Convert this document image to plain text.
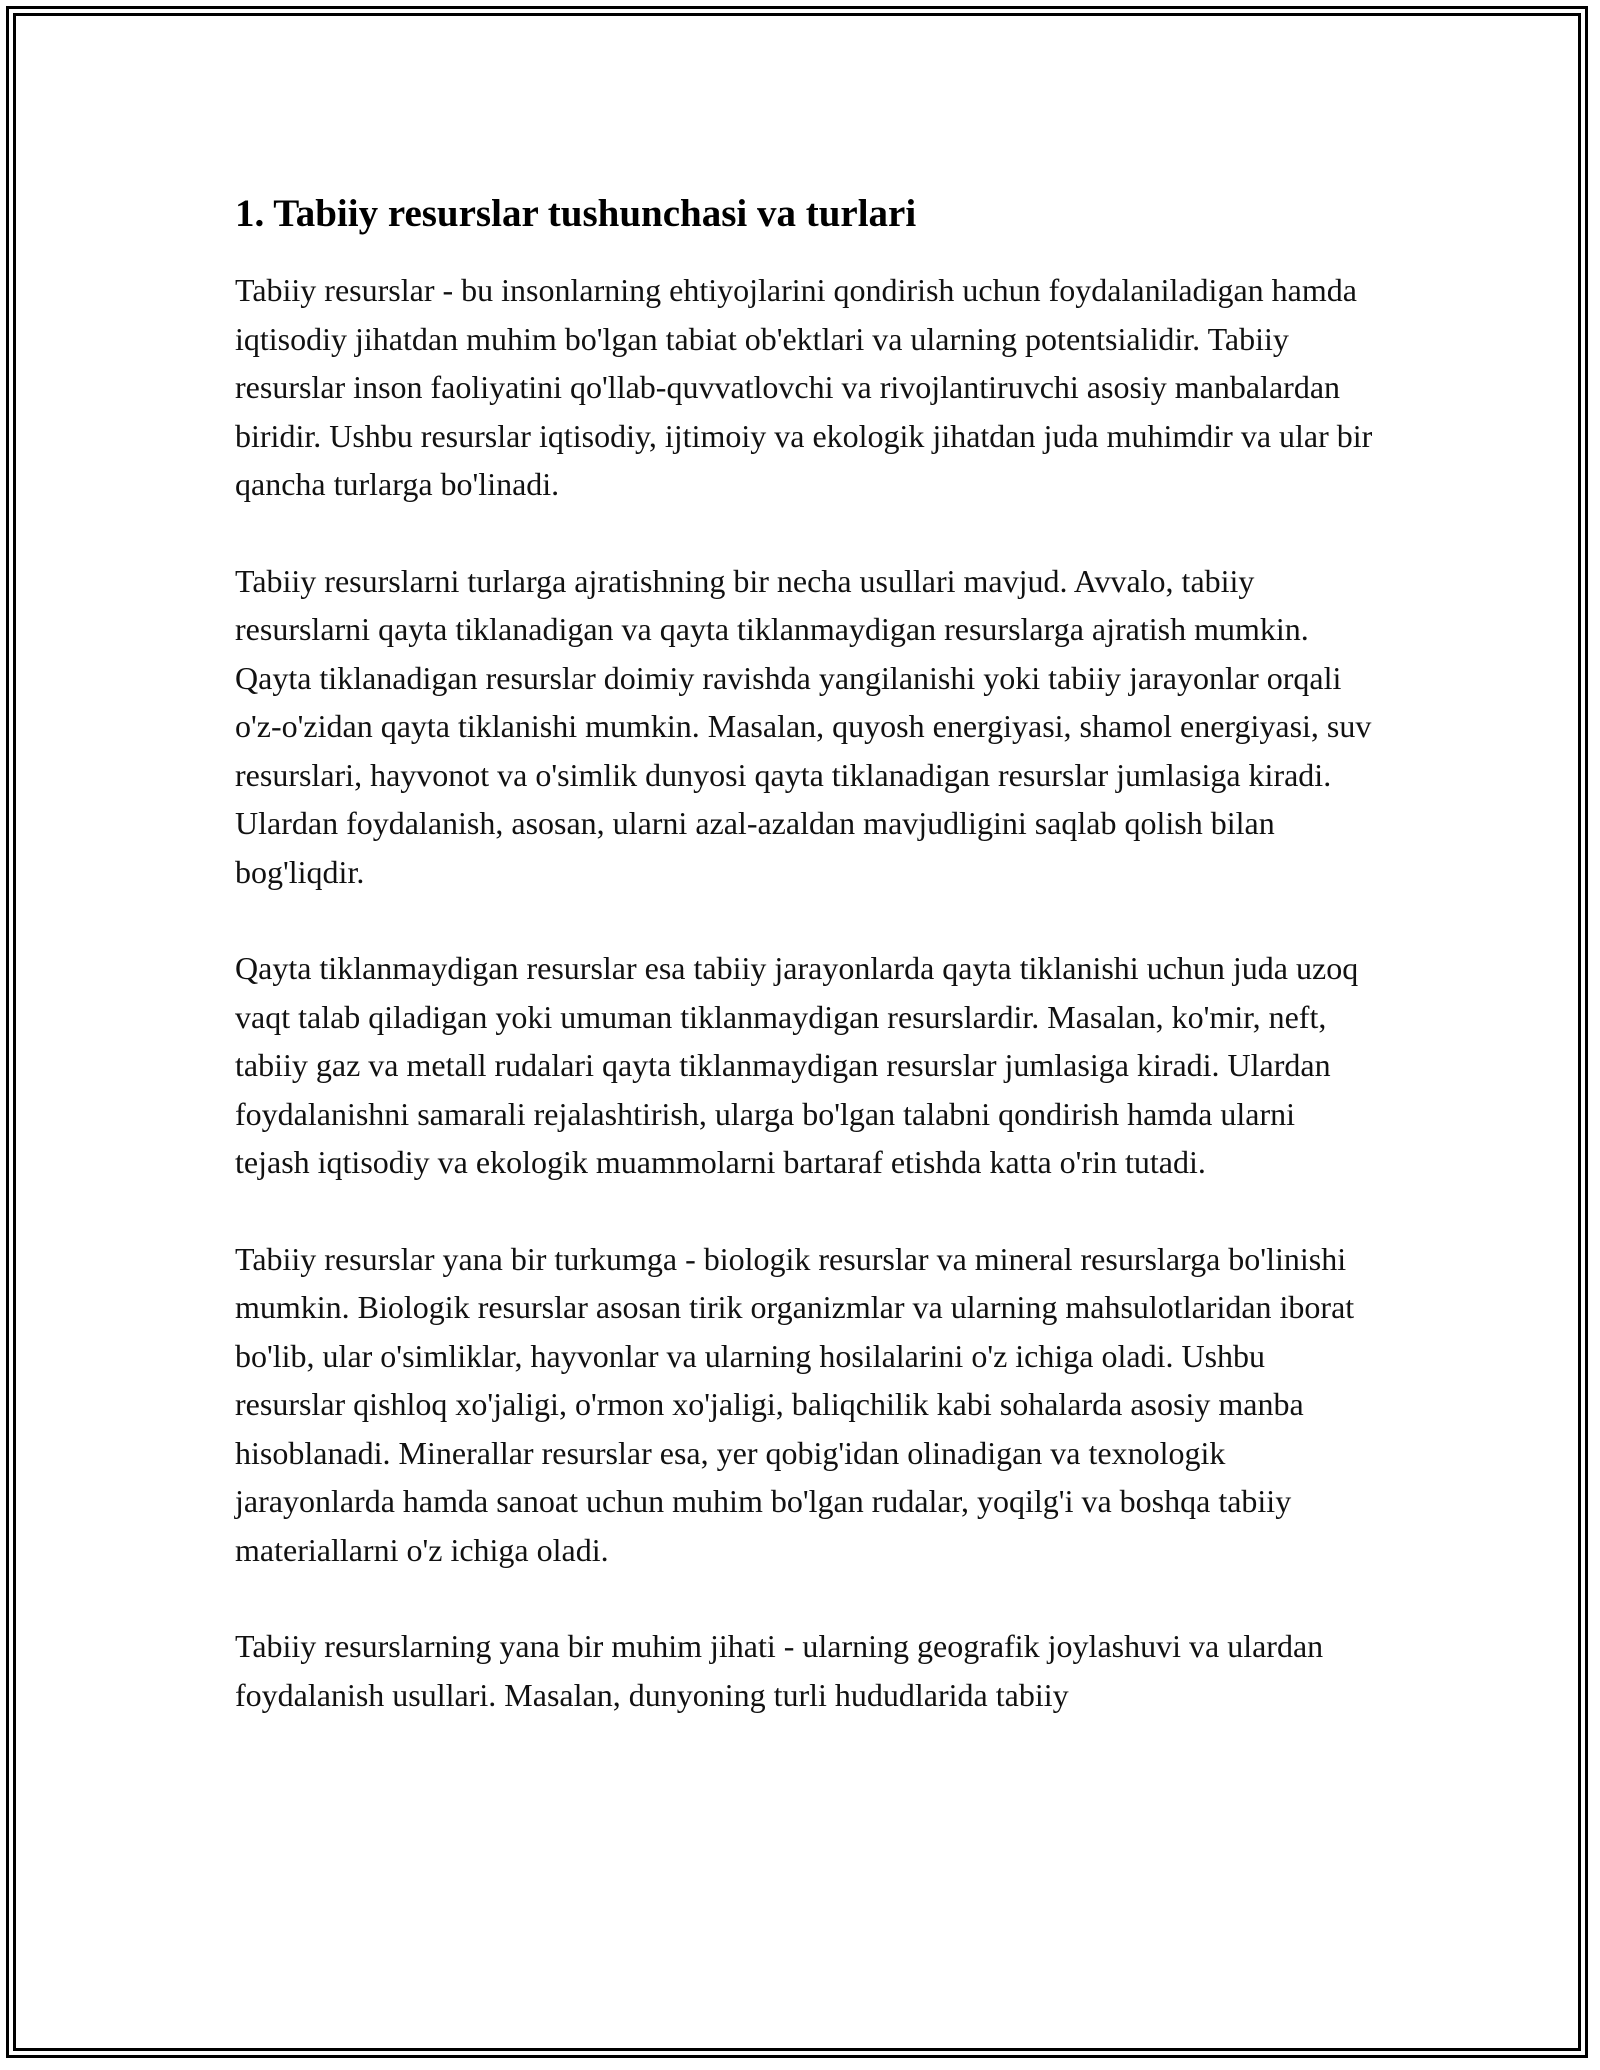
1. Tabiiy resurslar tushunchasi va turlari

Tabiiy resurslar - bu insonlarning ehtiyojlarini qondirish uchun foydalaniladigan hamda iqtisodiy jihatdan muhim bo'lgan tabiat ob'ektlari va ularning potentsialidir. Tabiiy resurslar inson faoliyatini qo'llab-quvvatlovchi va rivojlantiruvchi asosiy manbalardan biridir. Ushbu resurslar iqtisodiy, ijtimoiy va ekologik jihatdan juda muhimdir va ular bir qancha turlarga bo'linadi.

Tabiiy resurslarni turlarga ajratishning bir necha usullari mavjud. Avvalo, tabiiy resurslarni qayta tiklanadigan va qayta tiklanmaydigan resurslarga ajratish mumkin. Qayta tiklanadigan resurslar doimiy ravishda yangilanishi yoki tabiiy jarayonlar orqali o'z-o'zidan qayta tiklanishi mumkin. Masalan, quyosh energiyasi, shamol energiyasi, suv resurslari, hayvonot va o'simlik dunyosi qayta tiklanadigan resurslar jumlasiga kiradi. Ulardan foydalanish, asosan, ularni azal-azaldan mavjudligini saqlab qolish bilan bog'liqdir.

Qayta tiklanmaydigan resurslar esa tabiiy jarayonlarda qayta tiklanishi uchun juda uzoq vaqt talab qiladigan yoki umuman tiklanmaydigan resurslardir. Masalan, ko'mir, neft, tabiiy gaz va metall rudalari qayta tiklanmaydigan resurslar jumlasiga kiradi. Ulardan foydalanishni samarali rejalashtirish, ularga bo'lgan talabni qondirish hamda ularni tejash iqtisodiy va ekologik muammolarni bartaraf etishda katta o'rin tutadi.

Tabiiy resurslar yana bir turkumga - biologik resurslar va mineral resurslarga bo'linishi mumkin. Biologik resurslar asosan tirik organizmlar va ularning mahsulotlaridan iborat bo'lib, ular o'simliklar, hayvonlar va ularning hosilalarini o'z ichiga oladi. Ushbu resurslar qishloq xo'jaligi, o'rmon xo'jaligi, baliqchilik kabi sohalarda asosiy manba hisoblanadi. Minerallar resurslar esa, yer qobig'idan olinadigan va texnologik jarayonlarda hamda sanoat uchun muhim bo'lgan rudalar, yoqilg'i va boshqa tabiiy materiallarni o'z ichiga oladi.

Tabiiy resurslarning yana bir muhim jihati - ularning geografik joylashuvi va ulardan foydalanish usullari. Masalan, dunyoning turli hududlarida tabiiy
